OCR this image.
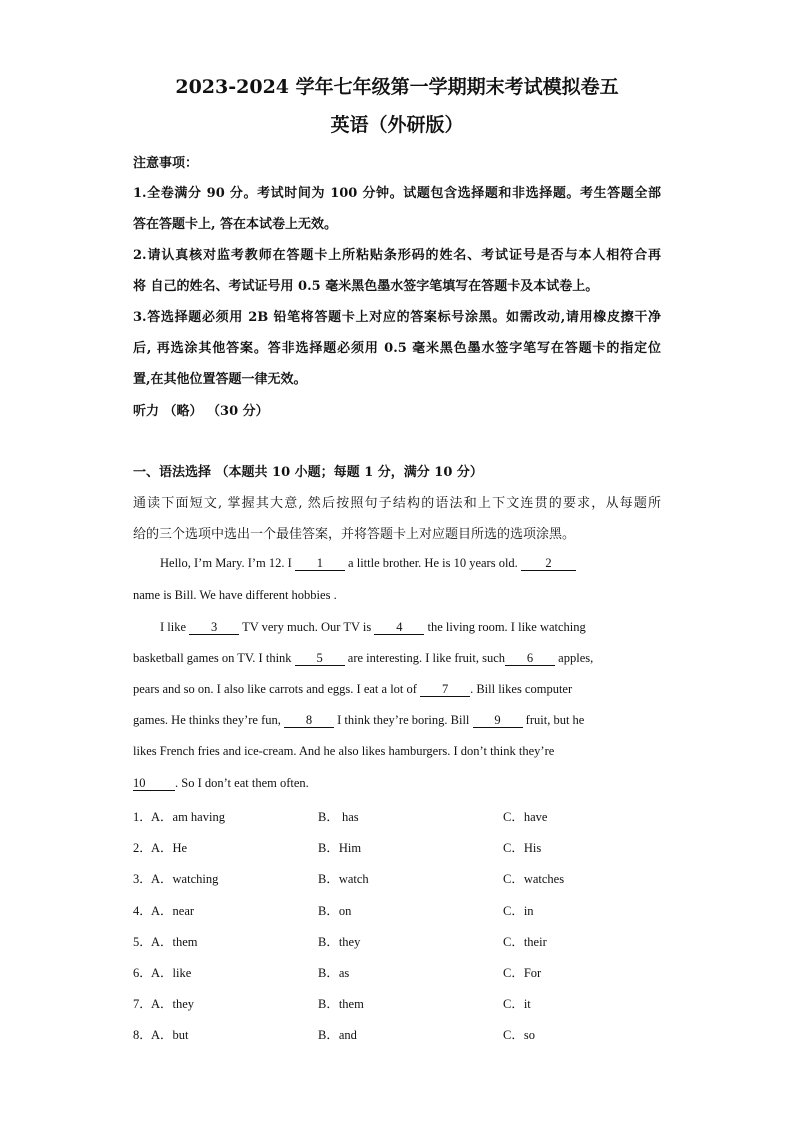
2023-2024 学年七年级第一学期期末考试模拟卷五
英语（外研版）
注意事项：
1.全卷满分 90 分。考试时间为 100 分钟。试题包含选择题和非选择题。考生答题全部
答在答题卡上, 答在本试卷上无效。
2.请认真核对监考教师在答题卡上所粘贴条形码的姓名、考试证号是否与本人相符合再
将 自己的姓名、考试证号用 0.5 毫米黑色墨水签字笔填写在答题卡及本试卷上。
3.答选择题必须用 2B 铅笔将答题卡上对应的答案标号涂黑。如需改动,请用橡皮擦干净
后, 再选涂其他答案。答非选择题必须用 0.5 毫米黑色墨水签字笔写在答题卡的指定位
置,在其他位置答题一律无效。
听力 （略） （30 分）
一、语法选择 （本题共 10 小题；每题 1 分，满分 10 分）
通读下面短文, 掌握其大意, 然后按照句子结构的语法和上下文连贯的要求，从每题所
给的三个选项中选出一个最佳答案，并将答题卡上对应题目所选的选项涂黑。
Hello, I’m Mary. I’m 12. I 1 a little brother. He is 10 years old. 2
name is Bill. We have different hobbies .
I like 3 TV very much. Our TV is 4 the living room. I like watching
basketball games on TV. I think 5 are interesting. I like fruit, such 6 apples,
pears and so on. I also like carrots and eggs. I eat a lot of 7 . Bill likes computer
games. He thinks they’re fun, 8 I think they’re boring. Bill 9 fruit, but he
likes French fries and ice-cream. And he also likes hamburgers. I don’t think they’re
10 . So I don’t eat them often.
1． A．am having	B． has	C．have
2． A．He	B．Him	C．His
3． A．watching	B．watch	C．watches
4． A．near	B．on	C．in
5． A．them	B．they	C．their
6． A．like	B．as	C．For
7． A．they	B．them	C．it
8． A．but	B．and	C．so
